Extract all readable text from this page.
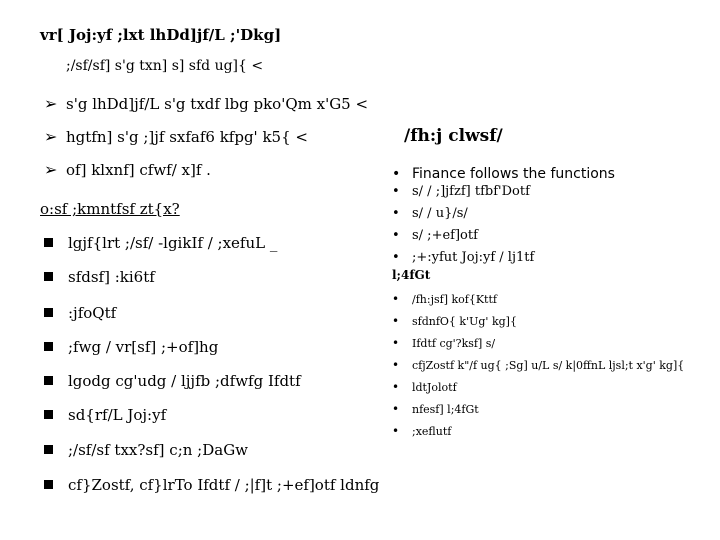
vr[ Joj:yf ;lxt lhDd]jf/L ;'Dkg]
;/sf/sf] s'g txn] s] sfd ug]{ <
➢ s'g lhDd]jf/L s'g txdf lbg pko'Qm x'G5 <
➢ hgtfn] s'g ;]jf sxfaf6 kfpg' k5{ <
➢ of] klxnf] cfwf/ x]f .
o:sf ;kmntfsf zt{x?
lgjf{lrt ;/sf/ -lgikIf / ;xefuL _
sfdsf] :ki6tf
:jfoQtf
;fwg / vr[sf] ;+of]hg
lgodg cg'udg / ljjfb ;dfwfg Ifdtf
sd{rf/L Joj:yf
;/sf/sf txx?sf] c;n ;DaGw
cf}Zostf, cf}lrTo Ifdtf / ;|f]t ;+ef]otf ldnfg
/fh:j clwsf/
• Finance follows the functions
• s/ / ;]jfzf] tfbf'Dotf
• s/ / u}/s/
• s/ ;+ef]otf
• ;+:yfut Joj:yf / lj1tf
l;4fGt
• /fh:jsf] kof{Kttf
• sfdnfO{ k'Ug' kg]{
• Ifdtf cg'?ksf] s/
• cfjZostf k"/f ug{ ;Sg] u/L s/ k|0ffnL ljsl;t x'g' kg]{
• ldtJolotf
• nfesf] l;4fGt
• ;xeflutf
